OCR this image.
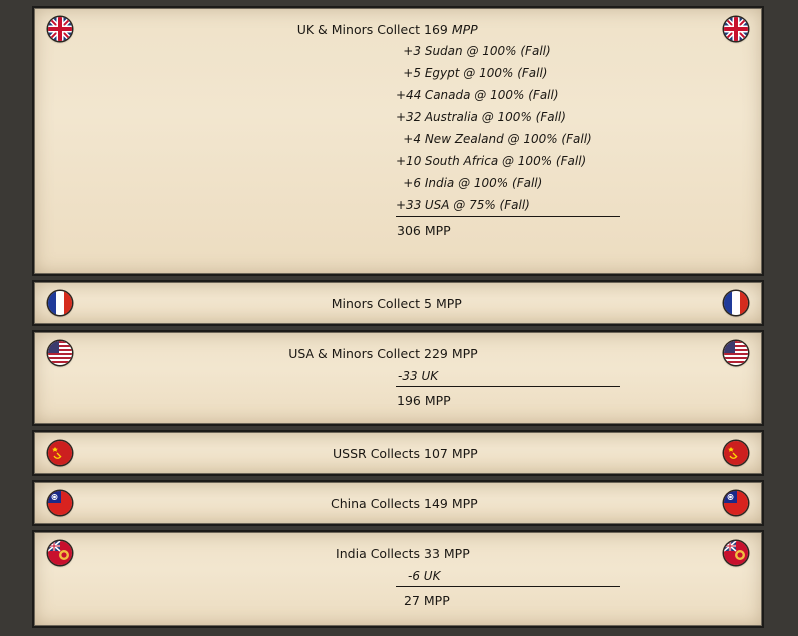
UK & Minors Collect 169 MPP
+3 Sudan @ 100% (Fall)
+5 Egypt @ 100% (Fall)
+44 Canada @ 100% (Fall)
+32 Australia @ 100% (Fall)
+4 New Zealand @ 100% (Fall)
+10 South Africa @ 100% (Fall)
+6 India @ 100% (Fall)
+33 USA @ 75% (Fall)
306 MPP
Minors Collect 5 MPP
USA & Minors Collect 229 MPP
-33 UK
196 MPP
USSR Collects 107 MPP
China Collects 149 MPP
India Collects 33 MPP
-6 UK
27 MPP
